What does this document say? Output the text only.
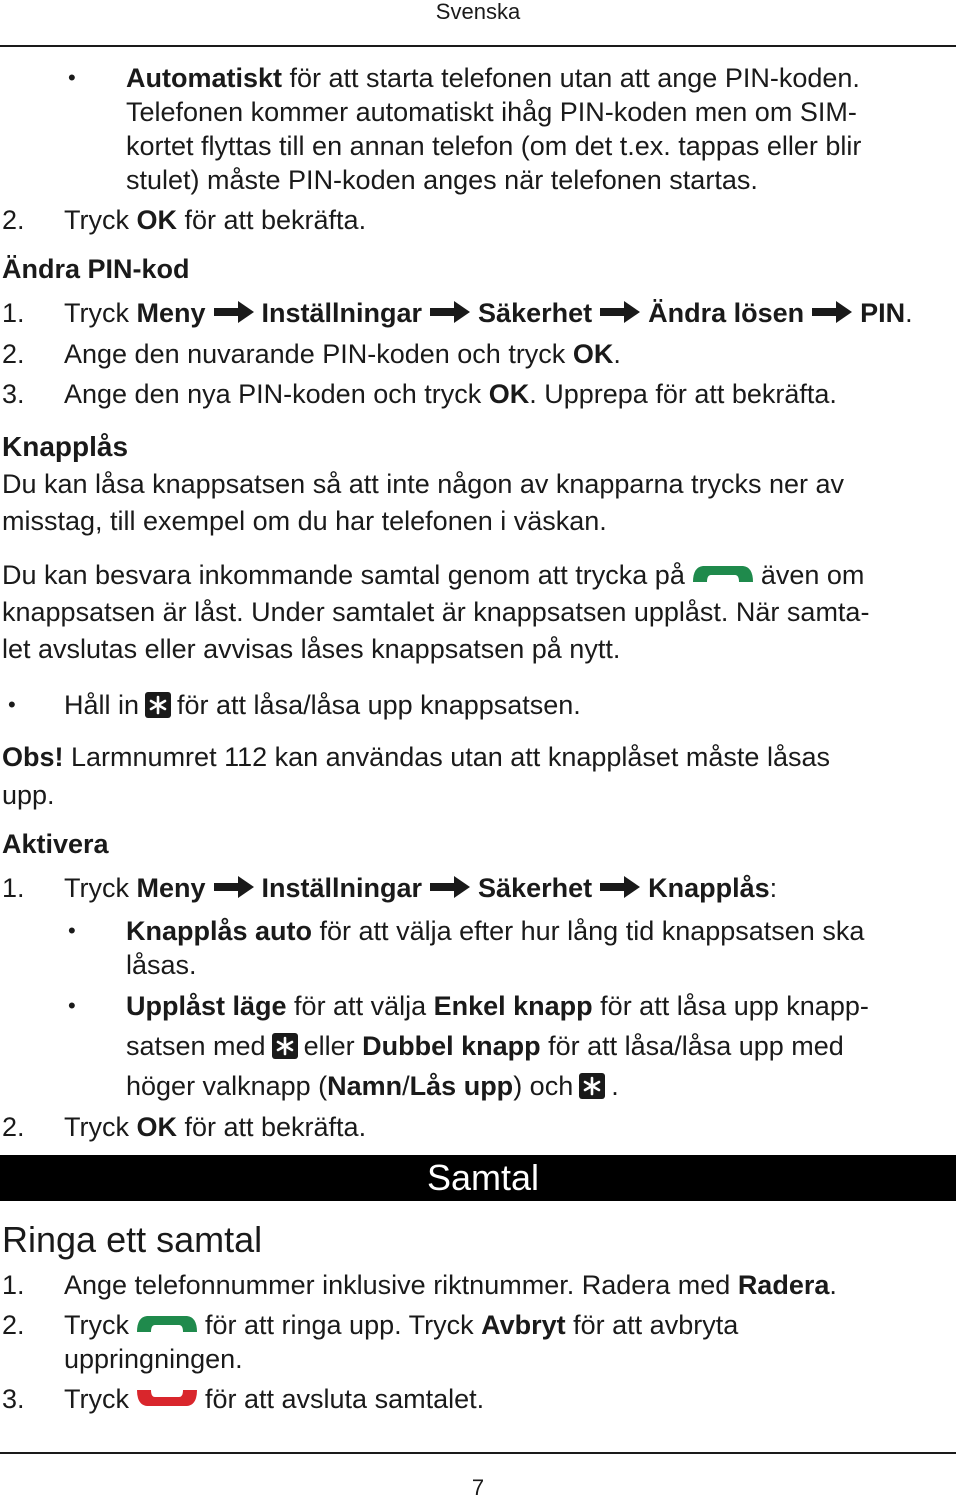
Svenska
• Automatiskt för att starta telefonen utan att ange PIN-koden.
Telefonen kommer automatiskt ihåg PIN-koden men om SIM-
kortet flyttas till en annan telefon (om det t.ex. tappas eller blir
stulet) måste PIN-koden anges när telefonen startas.
2. Tryck OK för att bekräfta.
Ändra PIN-kod
1. Tryck Meny Inställningar Säkerhet Ändra lösen PIN.
2. Ange den nuvarande PIN-koden och tryck OK.
3. Ange den nya PIN-koden och tryck OK. Upprepa för att bekräfta.
Knapplås
Du kan låsa knappsatsen så att inte någon av knapparna trycks ner av
misstag, till exempel om du har telefonen i väskan.
Du kan besvara inkommande samtal genom att trycka på	även om
knappsatsen är låst. Under samtalet är knappsatsen upplåst. När samta-
let avslutas eller avvisas låses knappsatsen på nytt.
• Håll in för att låsa/låsa upp knappsatsen.
Obs! Larmnumret 112 kan användas utan att knapplåset måste låsas
upp.
Aktivera
1. Tryck Meny Inställningar Säkerhet Knapplås:
• Knapplås auto för att välja efter hur lång tid knappsatsen ska
låsas.
• Upplåst läge för att välja Enkel knapp för att låsa upp knapp-
satsen med eller Dubbel knapp för att låsa/låsa upp med
höger valknapp (Namn/Lås upp) och .
2. Tryck OK för att bekräfta.
Samtal
Ringa ett samtal
1. Ange telefonnummer inklusive riktnummer. Radera med Radera.
2. Tryck	för att ringa upp. Tryck Avbryt för att avbryta
uppringningen.
3. Tryck	för att avsluta samtalet.
7
